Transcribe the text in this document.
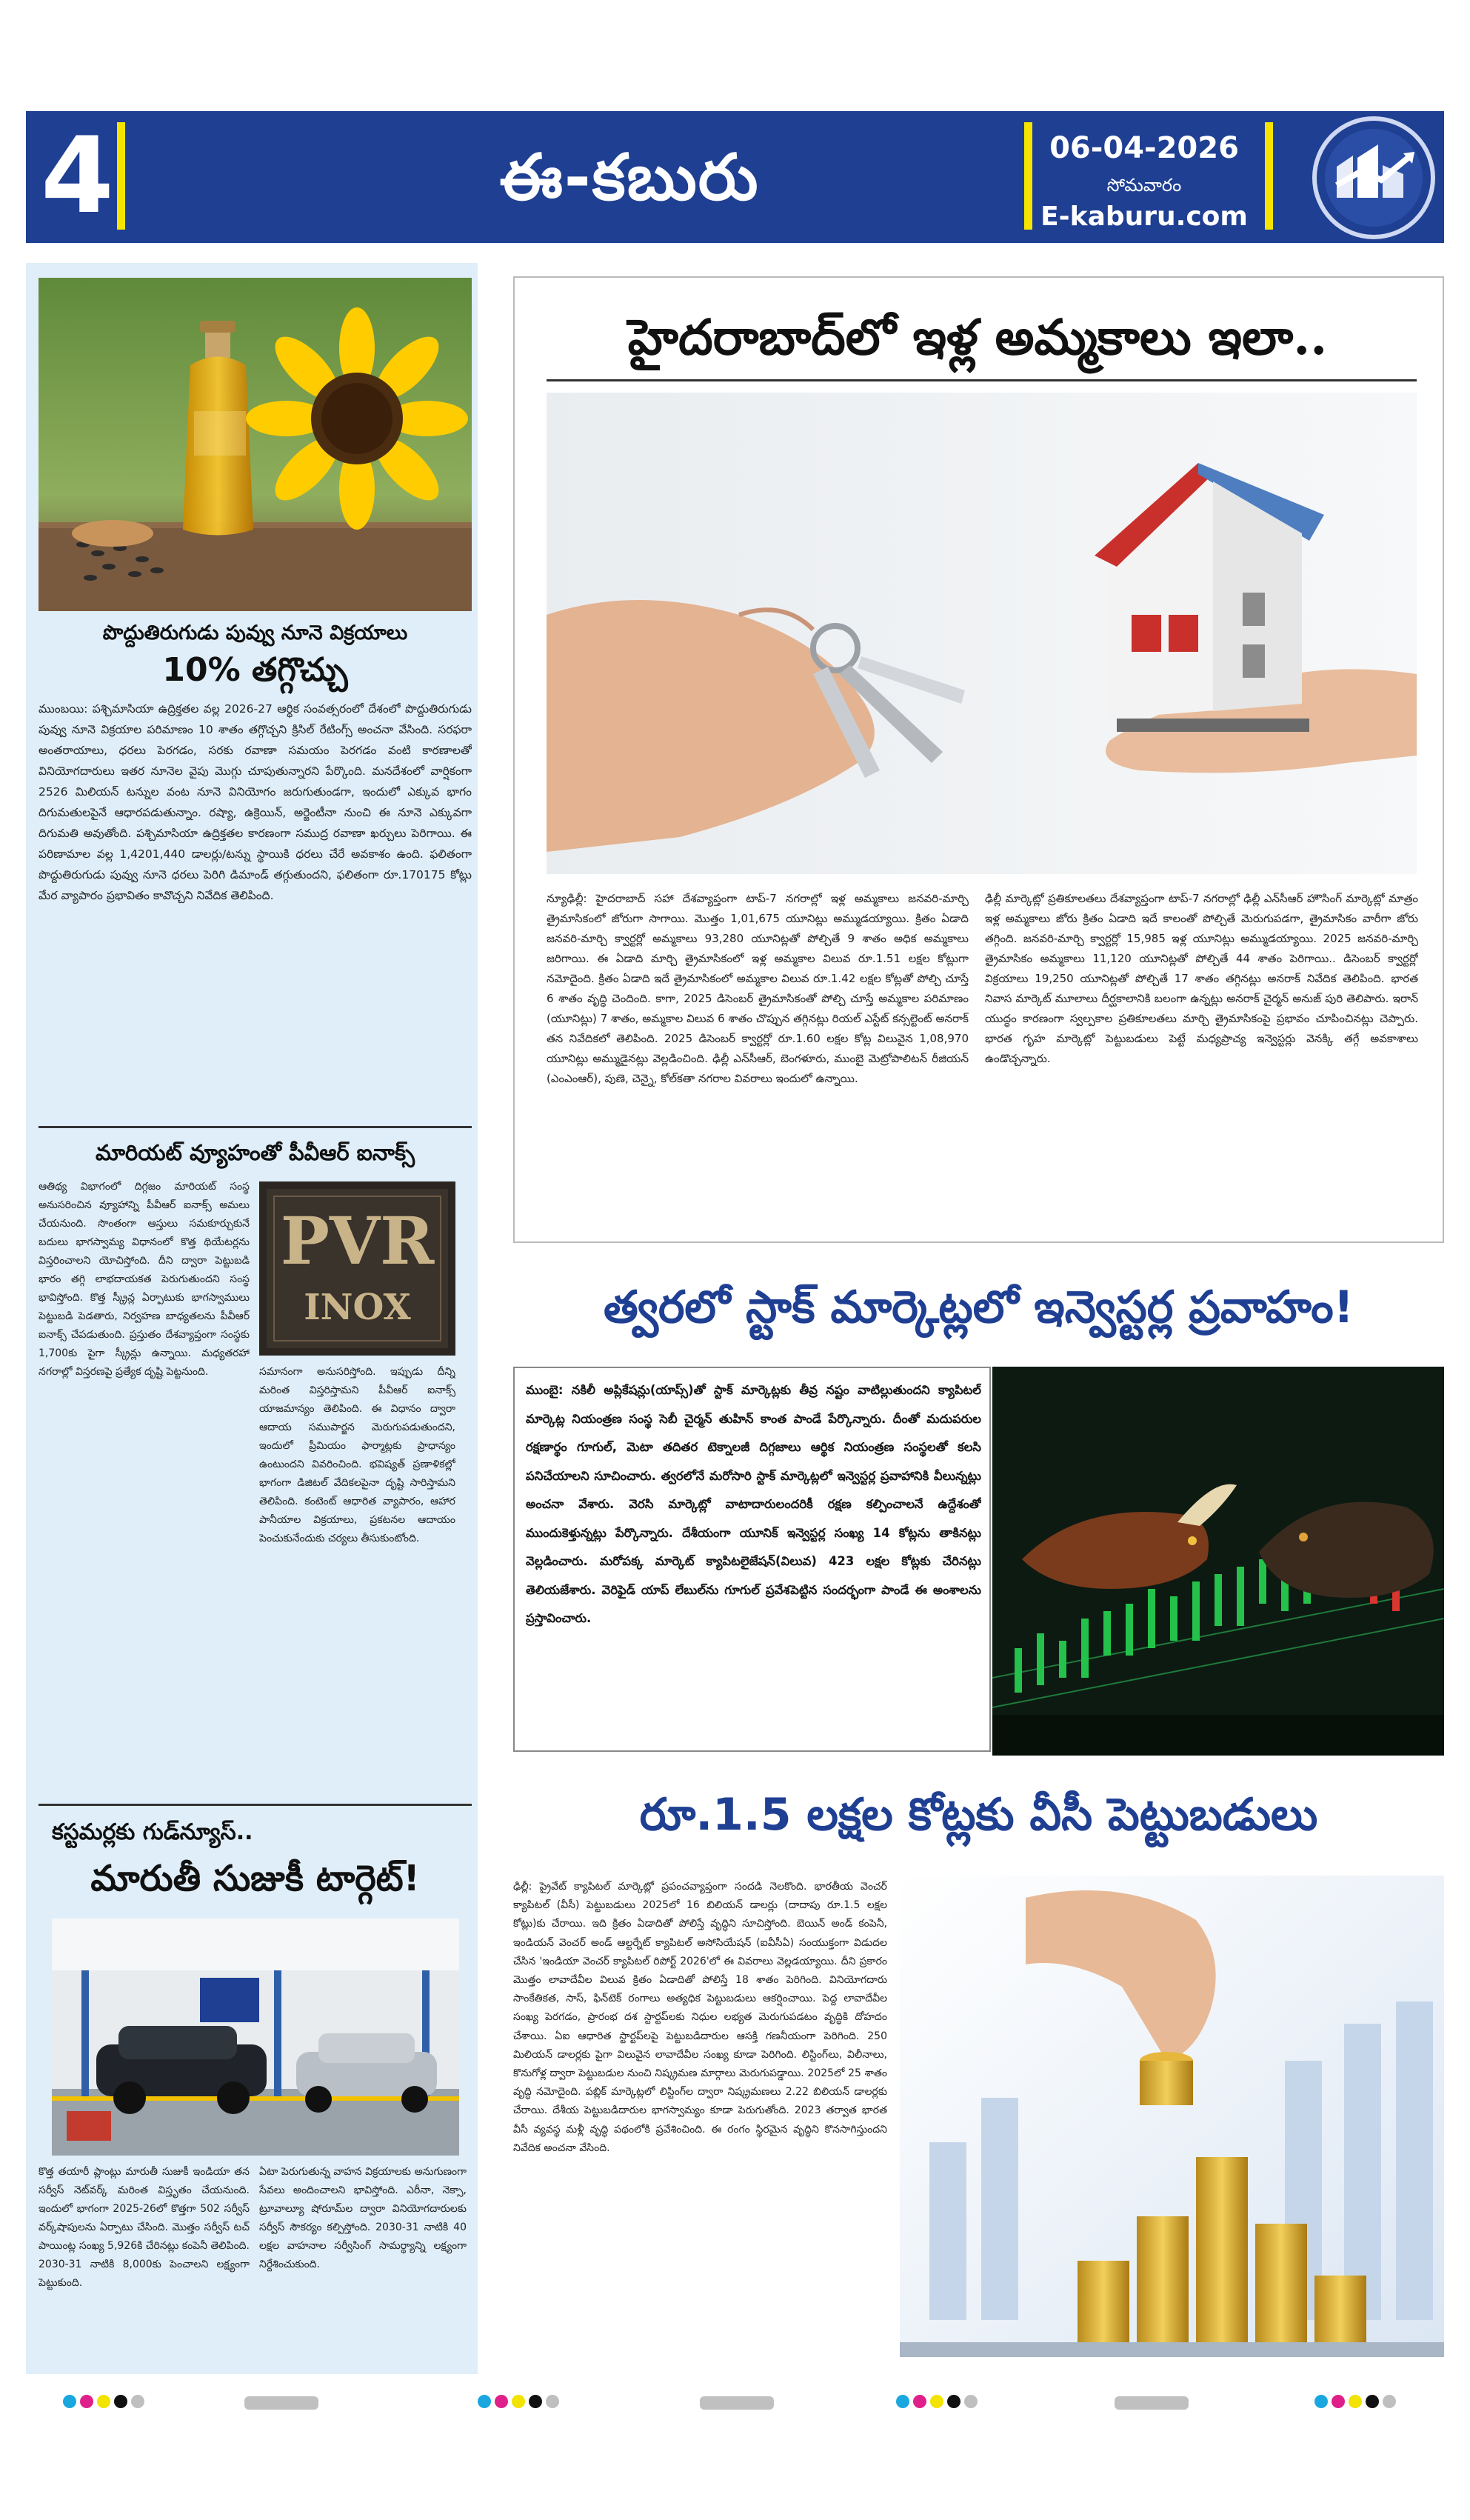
4	ఈ-కబురు	06-04-2026
సోమవారం
E-kaburu.com
పొద్దుతిరుగుడు పువ్వు నూనె విక్రయాలు
10% తగ్గొచ్చు
ముంబయి: పశ్చిమాసియా ఉద్రిక్తతల వల్ల 2026-27 ఆర్థిక సంవత్సరంలో దేశంలో పొద్దుతిరుగుడు పువ్వు నూనె విక్రయాల పరిమాణం 10 శాతం తగ్గొచ్చని క్రిసిల్ రేటింగ్స్ అంచనా వేసింది. సరఫరా అంతరాయాలు, ధరలు పెరగడం, సరకు రవాణా సమయం పెరగడం వంటి కారణాలతో వినియోగదారులు ఇతర నూనెల వైపు మొగ్గు చూపుతున్నారని పేర్కొంది. మనదేశంలో వార్షికంగా 2526 మిలియన్ టన్నుల వంట నూనె వినియోగం జరుగుతుండగా, ఇందులో ఎక్కువ భాగం దిగుమతులపైనే ఆధారపడుతున్నాం. రష్యా, ఉక్రెయిన్, అర్జెంటీనా నుంచి ఈ నూనె ఎక్కువగా దిగుమతి అవుతోంది. పశ్చిమాసియా ఉద్రిక్తతల కారణంగా సముద్ర రవాణా ఖర్చులు పెరిగాయి. ఈ పరిణామాల వల్ల 1,4201,440 డాలర్లు/టన్ను స్థాయికి ధరలు చేరే అవకాశం ఉంది. ఫలితంగా పొద్దుతిరుగుడు పువ్వు నూనె ధరలు పెరిగి డిమాండ్ తగ్గుతుందని, ఫలితంగా రూ.170175 కోట్లు మేర వ్యాపారం ప్రభావితం కావొచ్చని నివేదిక తెలిపింది.
మారియట్ వ్యూహంతో పీవీఆర్ ఐనాక్స్
ఆతిథ్య విభాగంలో దిగ్గజం మారియట్ సంస్థ అనుసరించిన వ్యూహాన్ని పీవీఆర్ ఐనాక్స్ అమలు చేయనుంది. సొంతంగా ఆస్తులు సమకూర్చుకునే బదులు భాగస్వామ్య విధానంలో కొత్త థియేటర్లను విస్తరించాలని యోచిస్తోంది. దీని ద్వారా పెట్టుబడి భారం తగ్గి లాభదాయకత పెరుగుతుందని సంస్థ భావిస్తోంది. కొత్త స్క్రీన్ల ఏర్పాటుకు భాగస్వాములు పెట్టుబడి పెడతారు, నిర్వహణ బాధ్యతలను పీవీఆర్ ఐనాక్స్ చేపడుతుంది. ప్రస్తుతం దేశవ్యాప్తంగా సంస్థకు 1,700కు పైగా స్క్రీన్లు ఉన్నాయి. మధ్యతరహా నగరాల్లో విస్తరణపై ప్రత్యేక దృష్టి పెట్టనుంది.
PVR
INOX
సమానంగా అనుసరిస్తోంది. ఇప్పుడు దీన్ని మరింత విస్తరిస్తామని పీవీఆర్ ఐనాక్స్ యాజమాన్యం తెలిపింది. ఈ విధానం ద్వారా ఆదాయ సముపార్జన మెరుగుపడుతుందని, ఇందులో ప్రీమియం ఫార్మాట్లకు ప్రాధాన్యం ఉంటుందని వివరించింది. భవిష్యత్ ప్రణాళికల్లో భాగంగా డిజిటల్ వేదికలపైనా దృష్టి సారిస్తామని తెలిపింది. కంటెంట్ ఆధారిత వ్యాపారం, ఆహార పానీయాల విక్రయాలు, ప్రకటనల ఆదాయం పెంచుకునేందుకు చర్యలు తీసుకుంటోంది.
కస్టమర్లకు గుడ్‌న్యూస్..
మారుతీ సుజుకీ టార్గెట్!
కొత్త తయారీ ప్లాంట్లు మారుతీ సుజుకీ ఇండియా తన సర్వీస్ నెట్‌వర్క్ మరింత విస్తృతం చేయనుంది. ఇందులో భాగంగా 2025-26లో కొత్తగా 502 సర్వీస్ వర్క్‌షాపులను ఏర్పాటు చేసింది. మొత్తం సర్వీస్ టచ్ పాయింట్ల సంఖ్య 5,926కి చేరినట్లు కంపెనీ తెలిపింది. 2030-31 నాటికి 8,000కు పెంచాలని లక్ష్యంగా పెట్టుకుంది.
ఏటా పెరుగుతున్న వాహన విక్రయాలకు అనుగుణంగా సేవలు అందించాలని భావిస్తోంది. ఎరీనా, నెక్సా, ట్రూవాల్యూ షోరూమ్‌ల ద్వారా వినియోగదారులకు సర్వీస్ సౌకర్యం కల్పిస్తోంది. 2030-31 నాటికి 40 లక్షల వాహనాల సర్వీసింగ్ సామర్థ్యాన్ని లక్ష్యంగా నిర్దేశించుకుంది.
హైదరాబాద్‌లో ఇళ్ల అమ్మకాలు ఇలా..
న్యూఢిల్లీ: హైదరాబాద్ సహా దేశవ్యాప్తంగా టాప్-7 నగరాల్లో ఇళ్ల అమ్మకాలు జనవరి-మార్చి త్రైమాసికంలో జోరుగా సాగాయి. మొత్తం 1,01,675 యూనిట్లు అమ్ముడయ్యాయి. క్రితం ఏడాది జనవరి-మార్చి క్వార్టర్లో అమ్మకాలు 93,280 యూనిట్లతో పోల్చితే 9 శాతం అధిక అమ్మకాలు జరిగాయి. ఈ ఏడాది మార్చి త్రైమాసికంలో ఇళ్ల అమ్మకాల విలువ రూ.1.51 లక్షల కోట్లుగా నమోదైంది. క్రితం ఏడాది ఇదే త్రైమాసికంలో అమ్మకాల విలువ రూ.1.42 లక్షల కోట్లతో పోల్చి చూస్తే 6 శాతం వృద్ధి చెందింది. కాగా, 2025 డిసెంబర్ త్రైమాసికంతో పోల్చి చూస్తే అమ్మకాల పరిమాణం (యూనిట్లు) 7 శాతం, అమ్మకాల విలువ 6 శాతం చొప్పున తగ్గినట్లు రియల్ ఎస్టేట్ కన్సల్టెంట్ అనరాక్ తన నివేదికలో తెలిపింది. 2025 డిసెంబర్ క్వార్టర్లో రూ.1.60 లక్షల కోట్ల విలువైన 1,08,970 యూనిట్లు అమ్ముడైనట్లు వెల్లడించింది. ఢిల్లీ ఎన్‌సీఆర్, బెంగళూరు, ముంబై మెట్రోపాలిటన్ రీజియన్ (ఎంఎంఆర్), పుణె, చెన్నై, కోల్‌కతా నగరాల వివరాలు ఇందులో ఉన్నాయి.
ఢిల్లీ మార్కెట్లో ప్రతికూలతలు దేశవ్యాప్తంగా టాప్-7 నగరాల్లో ఢిల్లీ ఎన్‌సీఆర్ హౌసింగ్ మార్కెట్లో మాత్రం ఇళ్ల అమ్మకాలు జోరు క్రితం ఏడాది ఇదే కాలంతో పోల్చితే మెరుగుపడగా, త్రైమాసికం వారీగా జోరు తగ్గింది. జనవరి-మార్చి క్వార్టర్లో 15,985 ఇళ్ల యూనిట్లు అమ్ముడయ్యాయి. 2025 జనవరి-మార్చి త్రైమాసికం అమ్మకాలు 11,120 యూనిట్లతో పోల్చితే 44 శాతం పెరిగాయి.. డిసెంబర్ క్వార్టర్లో విక్రయాలు 19,250 యూనిట్లతో పోల్చితే 17 శాతం తగ్గినట్లు అనరాక్ నివేదిక తెలిపింది. భారత నివాస మార్కెట్ మూలాలు దీర్ఘకాలానికి బలంగా ఉన్నట్లు అనరాక్ చైర్మన్ అనుజ్ పురి తెలిపారు. ఇరాన్ యుద్ధం కారణంగా స్వల్పకాల ప్రతికూలతలు మార్చి త్రైమాసికంపై ప్రభావం చూపించినట్లు చెప్పారు. భారత గృహ మార్కెట్లో పెట్టుబడులు పెట్టే మధ్యప్రాచ్య ఇన్వెస్టర్లు వెనక్కి తగ్గే అవకాశాలు ఉండొచ్చన్నారు.
త్వరలో స్టాక్ మార్కెట్లలో ఇన్వెస్టర్ల ప్రవాహం!
ముంబై: నకిలీ అప్లికేషన్లు(యాప్స్)తో స్టాక్ మార్కెట్లకు తీవ్ర నష్టం వాటిల్లుతుందని క్యాపిటల్ మార్కెట్ల నియంత్రణ సంస్థ సెబీ చైర్మన్ తుహిన్ కాంత పాండే పేర్కొన్నారు. దీంతో మదుపరుల రక్షణార్థం గూగుల్, మెటా తదితర టెక్నాలజీ దిగ్గజాలు ఆర్థిక నియంత్రణ సంస్థలతో కలసి పనిచేయాలని సూచించారు. త్వరలోనే మరోసారి స్టాక్ మార్కెట్లలో ఇన్వెస్టర్ల ప్రవాహానికి వీలున్నట్లు అంచనా వేశారు. వెరసి మార్కెట్లో వాటాదారులందరికీ రక్షణ కల్పించాలనే ఉద్దేశంతో ముందుకెళ్తున్నట్లు పేర్కొన్నారు. దేశీయంగా యూనిక్ ఇన్వెస్టర్ల సంఖ్య 14 కోట్లను తాకినట్లు వెల్లడించారు. మరోపక్క మార్కెట్ క్యాపిటలైజేషన్(విలువ) 423 లక్షల కోట్లకు చేరినట్లు తెలియజేశారు. వెరిఫైడ్ యాప్ లేబుల్‌ను గూగుల్ ప్రవేశపెట్టిన సందర్భంగా పాండే ఈ అంశాలను ప్రస్తావించారు.
రూ.1.5 లక్షల కోట్లకు వీసీ పెట్టుబడులు
ఢిల్లీ: ప్రైవేట్ క్యాపిటల్ మార్కెట్లో ప్రపంచవ్యాప్తంగా సందడి నెలకొంది. భారతీయ వెంచర్ క్యాపిటల్ (వీసీ) పెట్టుబడులు 2025లో 16 బిలియన్ డాలర్లు (దాదాపు రూ.1.5 లక్షల కోట్లు)కు చేరాయి. ఇది క్రితం ఏడాదితో పోలిస్తే వృద్ధిని సూచిస్తోంది. బెయిన్ అండ్ కంపెనీ, ఇండియన్ వెంచర్ అండ్ ఆల్టర్నేట్ క్యాపిటల్ అసోసియేషన్ (ఐవీసీఏ) సంయుక్తంగా విడుదల చేసిన 'ఇండియా వెంచర్ క్యాపిటల్ రిపోర్ట్ 2026'లో ఈ వివరాలు వెల్లడయ్యాయి. దీని ప్రకారం మొత్తం లావాదేవీల విలువ క్రితం ఏడాదితో పోలిస్తే 18 శాతం పెరిగింది. వినియోగదారు సాంకేతికత, సాస్, ఫిన్‌టెక్ రంగాలు అత్యధిక పెట్టుబడులు ఆకర్షించాయి. పెద్ద లావాదేవీల సంఖ్య పెరగడం, ప్రారంభ దశ స్టార్టప్‌లకు నిధుల లభ్యత మెరుగుపడటం వృద్ధికి దోహదం చేశాయి. ఏఐ ఆధారిత స్టార్టప్‌లపై పెట్టుబడిదారుల ఆసక్తి గణనీయంగా పెరిగింది. 250 మిలియన్ డాలర్లకు పైగా విలువైన లావాదేవీల సంఖ్య కూడా పెరిగింది. లిస్టింగ్‌లు, విలీనాలు, కొనుగోళ్ల ద్వారా పెట్టుబడుల నుంచి నిష్క్రమణ మార్గాలు మెరుగుపడ్డాయి. 2025లో 25 శాతం వృద్ధి నమోదైంది. పబ్లిక్ మార్కెట్లలో లిస్టింగ్‌ల ద్వారా నిష్క్రమణలు 2.22 బిలియన్ డాలర్లకు చేరాయి. దేశీయ పెట్టుబడిదారుల భాగస్వామ్యం కూడా పెరుగుతోంది. 2023 తర్వాత భారత వీసీ వ్యవస్థ మళ్లీ వృద్ధి పథంలోకి ప్రవేశించింది. ఈ రంగం స్థిరమైన వృద్ధిని కొనసాగిస్తుందని నివేదిక అంచనా వేసింది.
